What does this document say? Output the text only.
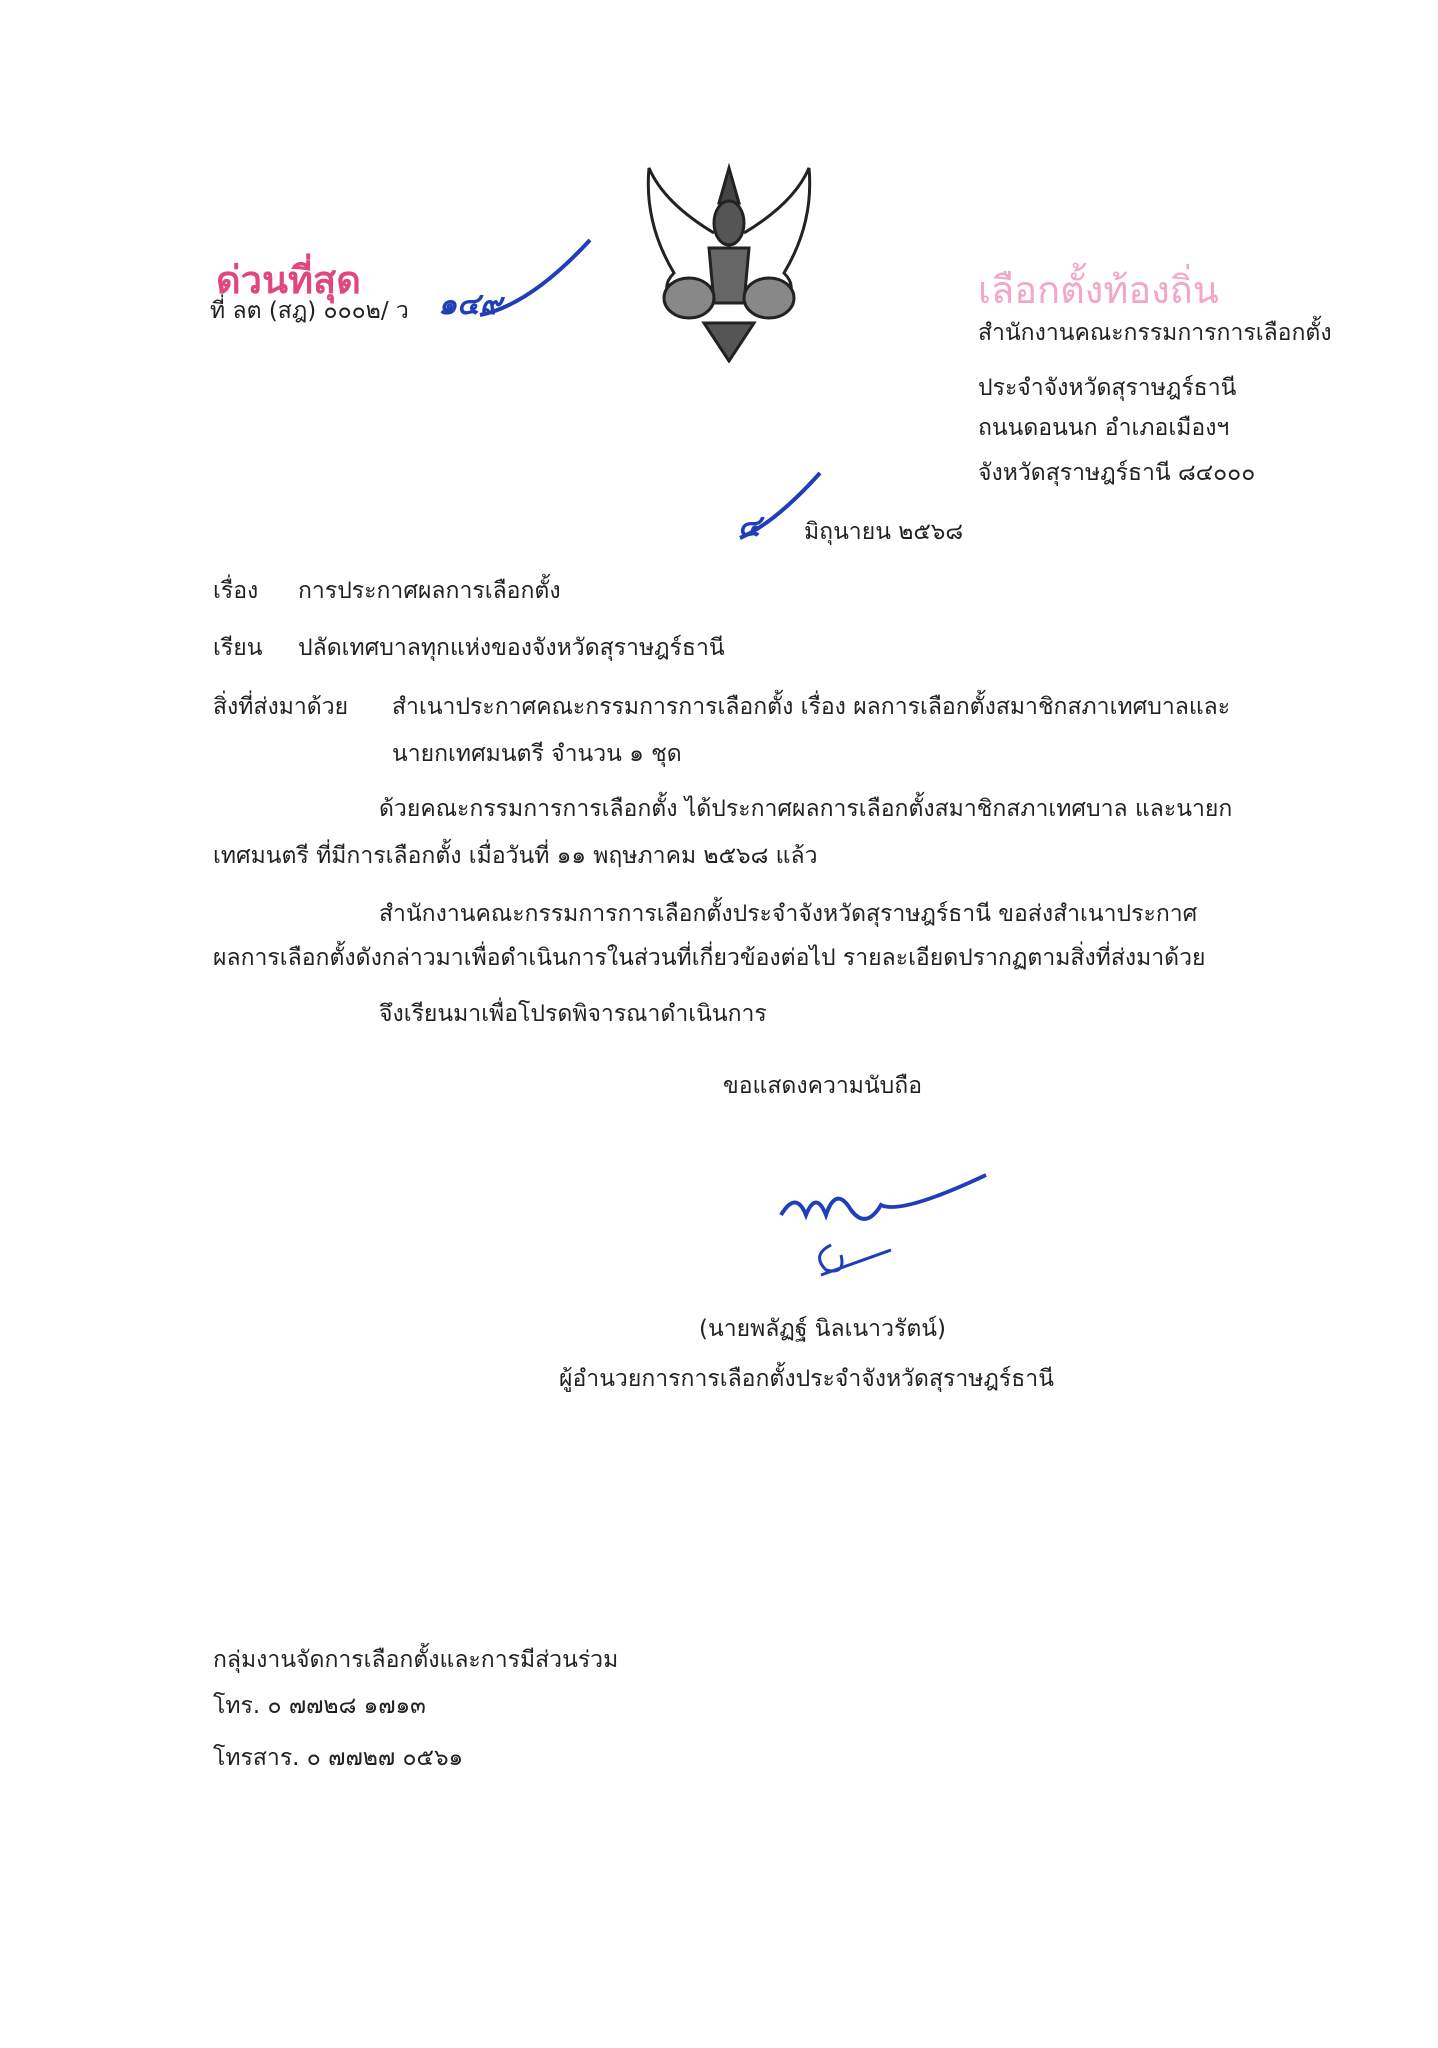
ด่วนที่สุด
ที่ ลต (สฎ) ๐๐๐๒/ ว ๑๔๙	เลือกตั้งท้องถิ่น
สำนักงานคณะกรรมการการเลือกตั้ง
ประจำจังหวัดสุราษฎร์ธานี
ถนนดอนนก อำเภอเมืองฯ
จังหวัดสุราษฎร์ธานี ๘๔๐๐๐
๔ มิถุนายน ๒๕๖๘
เรื่อง การประกาศผลการเลือกตั้ง
เรียน ปลัดเทศบาลทุกแห่งของจังหวัดสุราษฎร์ธานี
สิ่งที่ส่งมาด้วย สำเนาประกาศคณะกรรมการการเลือกตั้ง เรื่อง ผลการเลือกตั้งสมาชิกสภาเทศบาลและ
นายกเทศมนตรี จำนวน ๑ ชุด
ด้วยคณะกรรมการการเลือกตั้ง ได้ประกาศผลการเลือกตั้งสมาชิกสภาเทศบาล และนายก
เทศมนตรี ที่มีการเลือกตั้ง เมื่อวันที่ ๑๑ พฤษภาคม ๒๕๖๘ แล้ว
สำนักงานคณะกรรมการการเลือกตั้งประจำจังหวัดสุราษฎร์ธานี ขอส่งสำเนาประกาศ
ผลการเลือกตั้งดังกล่าวมาเพื่อดำเนินการในส่วนที่เกี่ยวข้องต่อไป รายละเอียดปรากฏตามสิ่งที่ส่งมาด้วย
จึงเรียนมาเพื่อโปรดพิจารณาดำเนินการ
ขอแสดงความนับถือ
(นายพลัฏฐ์ นิลเนาวรัตน์)
ผู้อำนวยการการเลือกตั้งประจำจังหวัดสุราษฎร์ธานี
กลุ่มงานจัดการเลือกตั้งและการมีส่วนร่วม
โทร. ๐ ๗๗๒๘ ๑๗๑๓
โทรสาร. ๐ ๗๗๒๗ ๐๕๖๑
